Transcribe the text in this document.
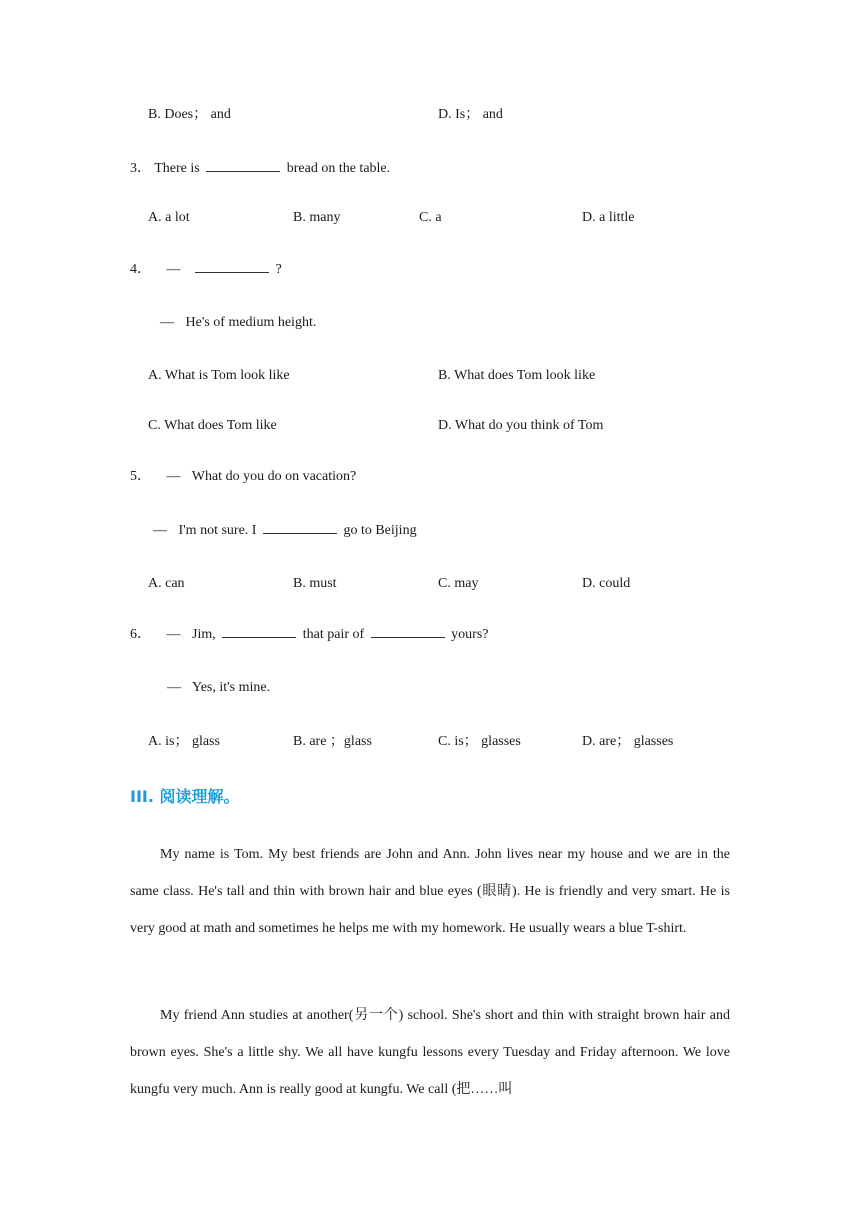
B. Does； and	D. Is； and
3． There is	bread on the table.
A. a lot	B. many	C. a	D. a little
4． —	?
— He's of medium height.
A. What is Tom look like	B. What does Tom look like
C. What does Tom like	D. What do you think of Tom
5． — What do you do on vacation?
— I'm not sure. I	go to Beijing
A. can	B. must	C. may	D. could
6． — Jim,	that pair of	yours?
— Yes, it's mine.
A. is； glass	B. are ；glass	C. is； glasses	D. are； glasses
III. 阅读理解。
My name is Tom. My best friends are John and Ann. John lives near my house and we are in the same class. He's tall and thin with brown hair and blue eyes (眼睛). He is friendly and very smart. He is very good at math and sometimes he helps me with my homework. He usually wears a blue T-shirt.
My friend Ann studies at another(另一个) school. She's short and thin with straight brown hair and brown eyes. She's a little shy. We all have kungfu lessons every Tuesday and Friday afternoon. We love kungfu very much. Ann is really good at kungfu. We call (把……叫
